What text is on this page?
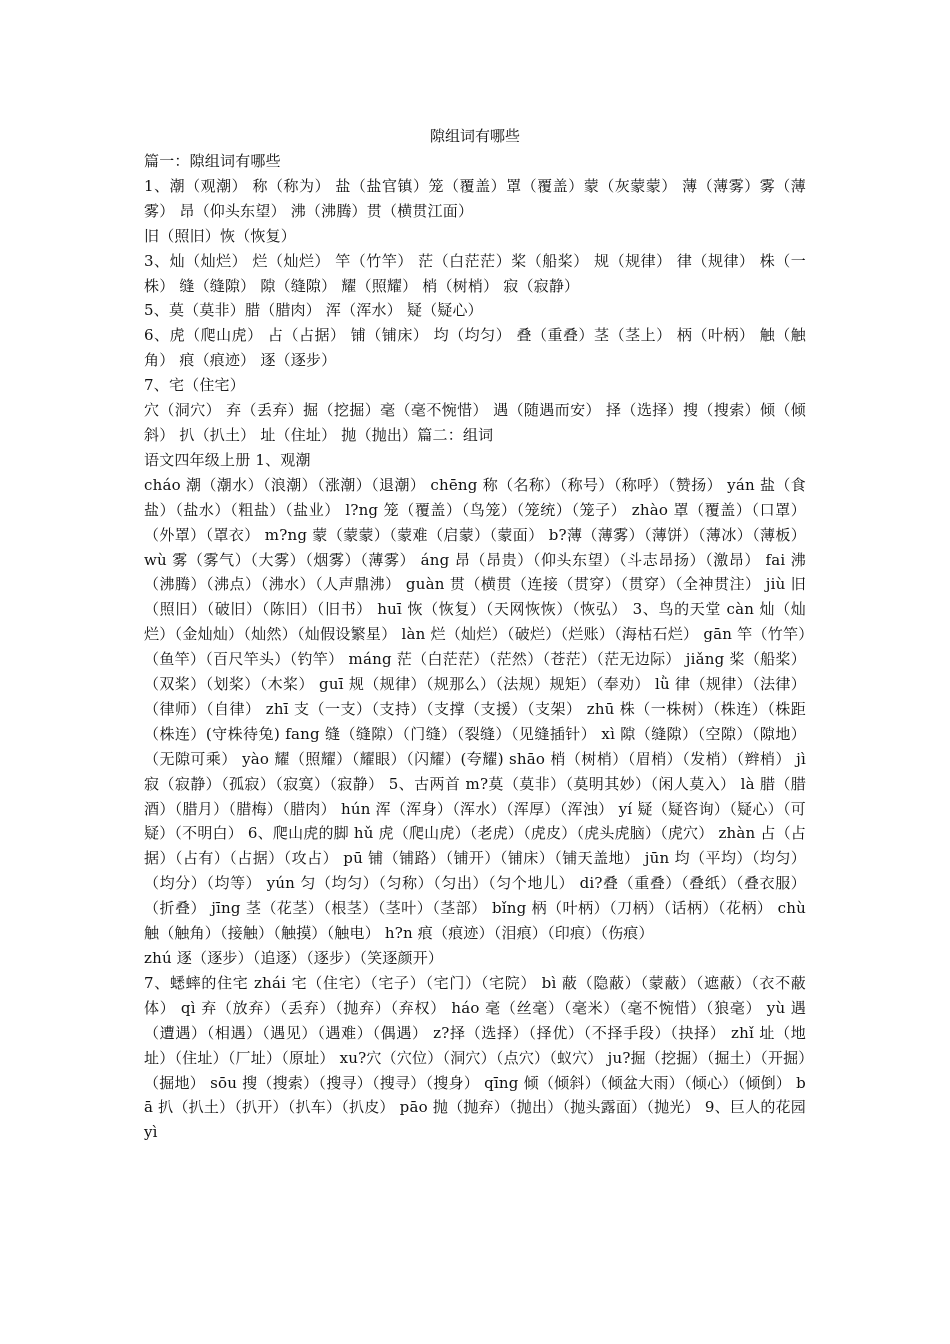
隙组词有哪些

篇一：隙组词有哪些

1、潮（观潮） 称（称为） 盐（盐官镇）笼（覆盖）罩（覆盖）蒙（灰蒙蒙） 薄（薄雾）雾（薄雾） 昂（仰头东望） 沸（沸腾）贯（横贯江面）

旧（照旧）恢（恢复）

3、灿（灿烂） 烂（灿烂） 竿（竹竿） 茫（白茫茫）桨（船桨） 规（规律） 律（规律） 株（一株） 缝（缝隙） 隙（缝隙） 耀（照耀） 梢（树梢） 寂（寂静）

5、莫（莫非）腊（腊肉） 浑（浑水） 疑（疑心）

6、虎（爬山虎） 占（占据） 铺（铺床） 均（均匀） 叠（重叠）茎（茎上） 柄（叶柄） 触（触角） 痕（痕迹） 逐（逐步）

7、宅（住宅）

穴（洞穴） 弃（丢弃）掘（挖掘）毫（毫不惋惜） 遇（随遇而安） 择（选择）搜（搜索）倾（倾斜） 扒（扒土） 址（住址） 抛（抛出）篇二：组词

语文四年级上册 1、观潮

cháo 潮（潮水）（浪潮）（涨潮）（退潮） chēng 称（名称）（称号）（称呼）（赞扬） yán 盐（食盐）（盐水）（粗盐）（盐业） l?ng 笼（覆盖）（鸟笼）（笼统）（笼子） zhào 罩（覆盖）（口罩）（外罩）（罩衣） m?ng 蒙（蒙蒙）（蒙难（启蒙）（蒙面） b?薄（薄雾）（薄饼）（薄冰）（薄板） wù 雾（雾气）（大雾）（烟雾）（薄雾） áng 昂（昂贵）（仰头东望）（斗志昂扬）（激昂） fai 沸（沸腾）（沸点）（沸水）（人声鼎沸） guàn 贯（横贯（连接（贯穿）（贯穿）（全神贯注） jiù 旧（照旧）（破旧）（陈旧）（旧书） huī 恢（恢复）（天网恢恢）（恢弘） 3、鸟的天堂 càn 灿（灿烂）（金灿灿）（灿然）（灿假设繁星） làn 烂（灿烂）（破烂）（烂账）（海枯石烂） gān 竿（竹竿）（鱼竿）（百尺竿头）（钓竿） máng 茫（白茫茫）（茫然）（苍茫）（茫无边际） jiǎng 桨（船桨）（双桨）（划桨）（木桨） guī 规（规律）（规那么）（法规）规矩）（奉劝） lǜ 律（规律）（法律）（律师）（自律） zhī 支（一支）（支持）（支撑（支援）（支架） zhū 株（一株树）（株连）（株距（株连）(守株待兔) fang 缝（缝隙）（门缝）（裂缝）（见缝插针） xì 隙（缝隙）（空隙）（隙地）（无隙可乘） yào 耀（照耀）（耀眼）（闪耀）(夸耀) shāo 梢（树梢）（眉梢）（发梢）（辫梢） jì 寂（寂静）（孤寂）（寂寞）（寂静） 5、古两首 m?莫（莫非）（莫明其妙）（闲人莫入） là 腊（腊酒）（腊月）（腊梅）（腊肉） hún 浑（浑身）（浑水）（浑厚）（浑浊） yí 疑（疑咨询）（疑心）（可疑）（不明白） 6、爬山虎的脚 hǔ 虎（爬山虎）（老虎）（虎皮）（虎头虎脑）（虎穴） zhàn 占（占据）（占有）（占据）（攻占） pū 铺（铺路）（铺开）（铺床）（铺天盖地） jūn 均（平均）（均匀）（均分）（均等） yún 匀（均匀）（匀称）（匀出）（匀个地儿） di?叠（重叠）（叠纸）（叠衣服）（折叠） jīng 茎（花茎）（根茎）（茎叶）（茎部） bǐng 柄（叶柄）（刀柄）（话柄）（花柄） chù 触（触角）（接触）（触摸）（触电） h?n 痕（痕迹）（泪痕）（印痕）（伤痕）

zhú 逐（逐步）（追逐）（逐步）（笑逐颜开）

7、蟋蟀的住宅 zhái 宅（住宅）（宅子）（宅门）（宅院） bì 蔽（隐蔽）（蒙蔽）（遮蔽）（衣不蔽体） qì 弃（放弃）（丢弃）（抛弃）（弃权） háo 毫（丝毫）（毫米）（毫不惋惜）（狼毫） yù 遇（遭遇）（相遇）（遇见）（遇难）（偶遇） z?择（选择）（择优）（不择手段）（抉择） zhǐ 址（地址）（住址）（厂址）（原址） xu?穴（穴位）（洞穴）（点穴）（蚁穴） ju?掘（挖掘）（掘土）（开掘）（掘地） sōu 搜（搜索）（搜寻）（搜寻）（搜身） qīng 倾（倾斜）（倾盆大雨）（倾心）（倾倒） bā 扒（扒土）（扒开）（扒车）（扒皮） pāo 抛（抛弃）（抛出）（抛头露面）（抛光） 9、巨人的花园 yì
